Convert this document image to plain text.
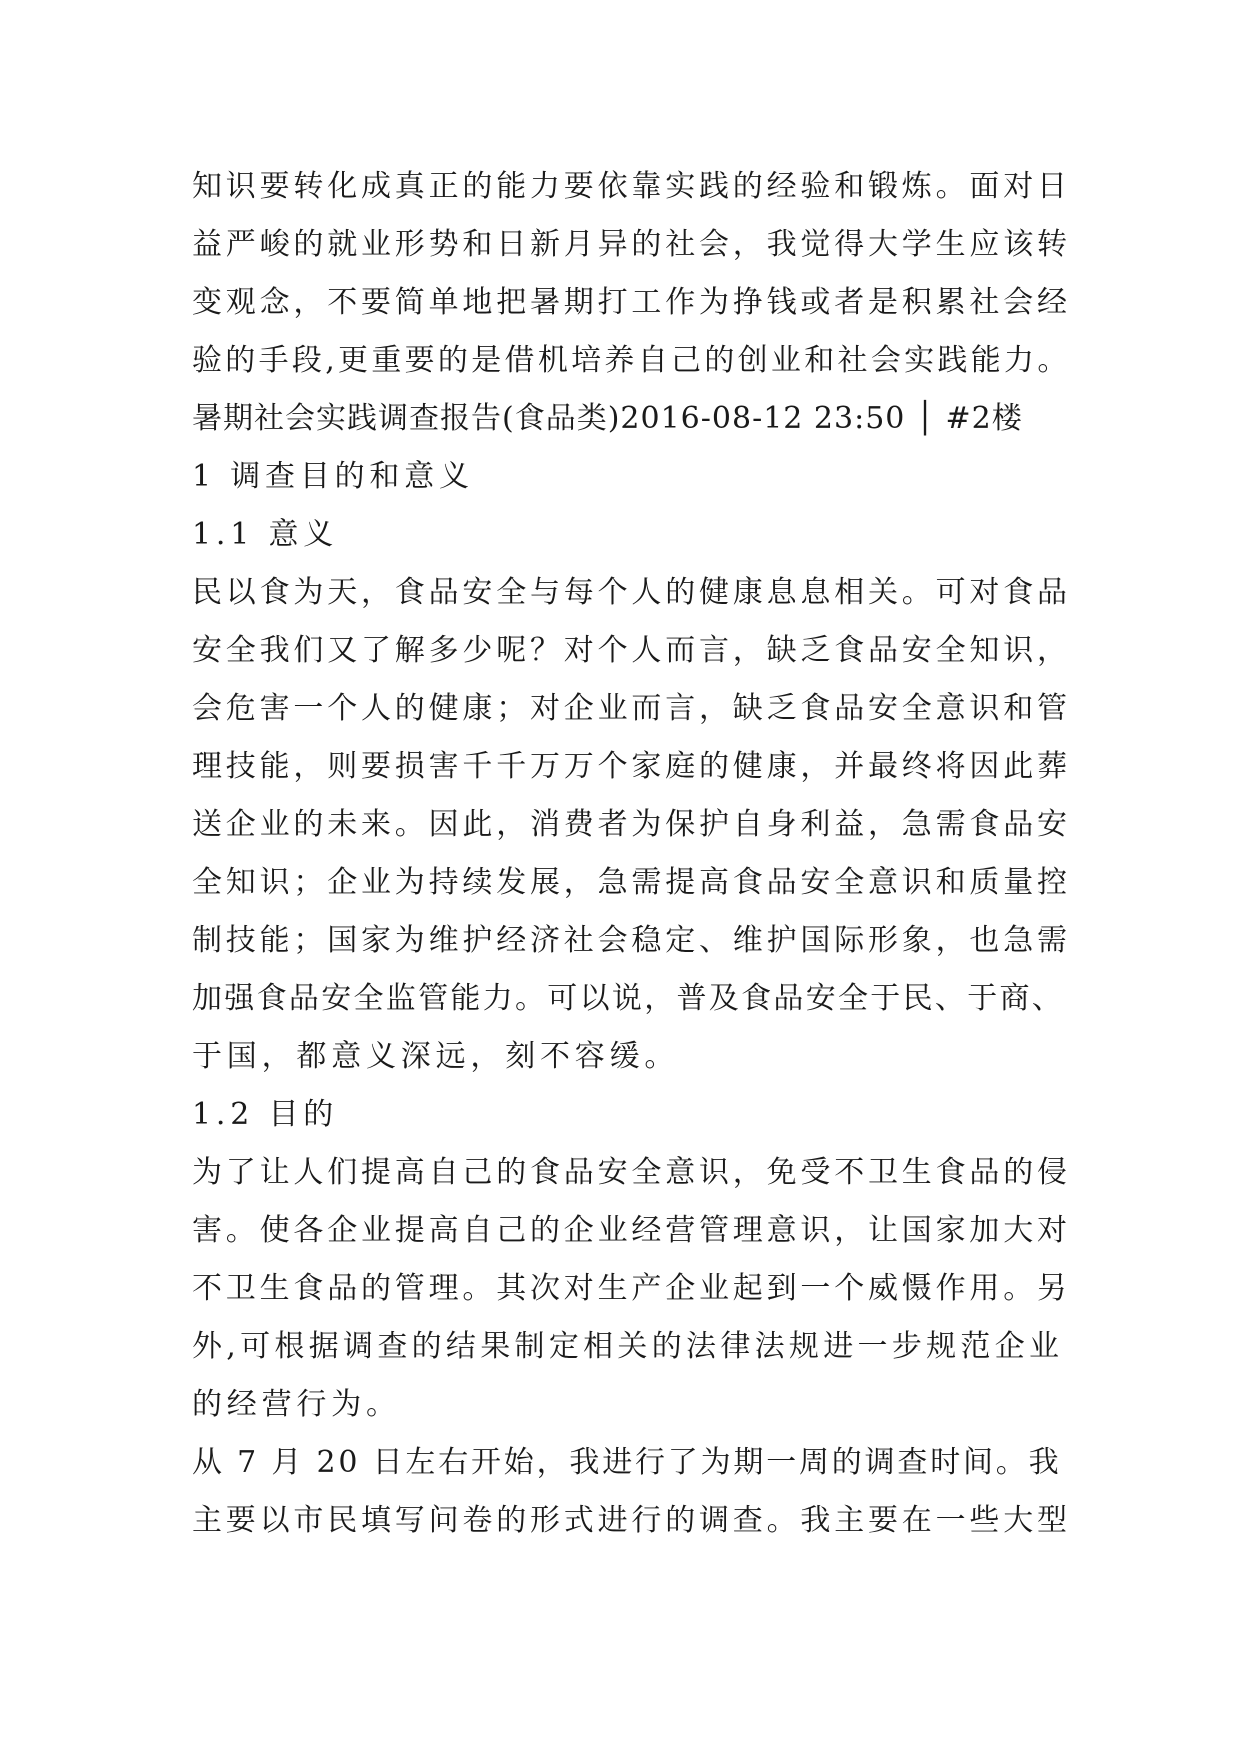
知识要转化成真正的能力要依靠实践的经验和锻炼。面对日
益严峻的就业形势和日新月异的社会，我觉得大学生应该转
变观念，不要简单地把暑期打工作为挣钱或者是积累社会经
验的手段,更重要的是借机培养自己的创业和社会实践能力。
暑期社会实践调查报告(食品类)2016-08-12 23:50 │ #2楼
1 调查目的和意义
1.1 意义
民以食为天，食品安全与每个人的健康息息相关。可对食品
安全我们又了解多少呢？对个人而言，缺乏食品安全知识，
会危害一个人的健康；对企业而言，缺乏食品安全意识和管
理技能，则要损害千千万万个家庭的健康，并最终将因此葬
送企业的未来。因此，消费者为保护自身利益，急需食品安
全知识；企业为持续发展，急需提高食品安全意识和质量控
制技能；国家为维护经济社会稳定、维护国际形象，也急需
加强食品安全监管能力。可以说，普及食品安全于民、于商、
于国，都意义深远，刻不容缓。
1.2 目的
为了让人们提高自己的食品安全意识，免受不卫生食品的侵
害。使各企业提高自己的企业经营管理意识，让国家加大对
不卫生食品的管理。其次对生产企业起到一个威慑作用。另
外,可根据调查的结果制定相关的法律法规进一步规范企业
的经营行为。
从 7 月 20 日左右开始，我进行了为期一周的调查时间。我
主要以市民填写问卷的形式进行的调查。我主要在一些大型
